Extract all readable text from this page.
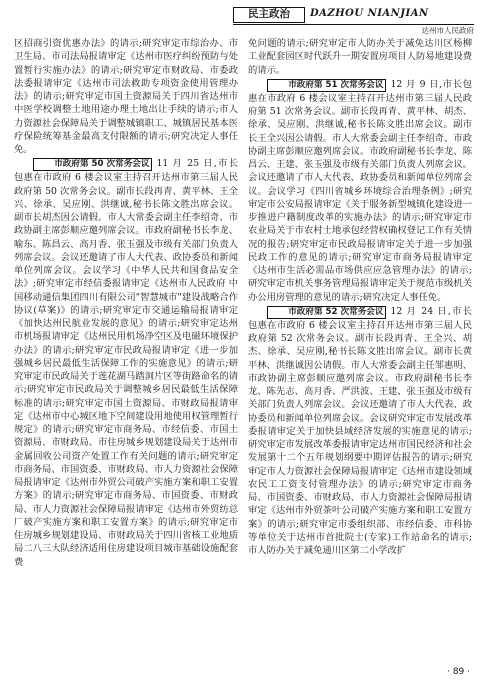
民主政治	DAZHOU NIANJIAN
达州市人民政府

区招商引资优惠办法》的请示;研究审定市综治办、市卫生局、市司法局报请审定《达州市医疗纠纷预防与处置暂行实施办法》的请示;研究审定市财政局、市委政法委报请审定《达州市司法救助专项资金使用管理办法》的请示;研究审定市国土资源局关于四川省达州市中医学校调整土地用途办理土地出让手续的请示;市人力资源社会保障局关于调整城镇职工、城镇居民基本医疗保险统筹基金最高支付限额的请示;研究决定人事任免。

市政府第 50 次常务会议 11 月 25 日,市长包惠在市政府 6 楼会议室主持召开达州市第三届人民政府第 50 次常务会议。副市长段再青、黄平林、王全兴、徐承、吴应刚、洪继诚,秘书长陈文胜出席会议。副市长胡杰因公请假。市人大常委会副主任李绍奇、市政协副主席彭顺应邀列席会议。市政府副秘书长李龙、喻东、陈昌云、高月香、张玉强及市级有关部门负责人列席会议。会议还邀请了市人大代表、政协委员和新闻单位列席会议。会议学习《中华人民共和国食品安全法》;研究审定市经信委报请审定《达州市人民政府 中国移动通信集团四川有限公司"智慧城市"建设战略合作协议(草案)》的请示;研究审定市交通运输局报请审定《加快达州民航业发展的意见》的请示;研究审定达州市机场报请审定《达州民用机场净空区及电磁环境保护办法》的请示;研究审定市民政局报请审定《进一步加强城乡居民最低生活保障工作的实施意见》的请示;研究审定市民政局关于莲花湖马踏洞片区等街路命名的请示;研究审定市民政局关于调整城乡居民最低生活保障标准的请示;研究审定市国土资源局、市财政局报请审定《达州市中心城区地下空间建设用地使用权管理暂行规定》的请示;研究审定市商务局、市经信委、市国土资源局、市财政局、市住房城乡规划建设局关于达州市金属回收公司资产处置工作有关问题的请示;研究审定市商务局、市国资委、市财政局、市人力资源社会保障局报请审定《达州市外贸公司破产实施方案和职工安置方案》的请示;研究审定市商务局、市国资委、市财政局、市人力资源社会保障局报请审定《达州市外贸纺总厂破产实施方案和职工安置方案》的请示;研究审定市住房城乡规划建设局、市财政局关于四川省核工业地质局二八三大队经济适用住房建设项目城市基础设施配套费

免问题的请示;研究审定市人防办关于减免达川区杨柳工业配套园区时代跃升一期安置房项目人防易地建设费的请示。

市政府第 51 次常务会议 12 月 9 日,市长包惠在市政府 6 楼会议室主持召开达州市第三届人民政府第 51 次常务会议。副市长段再青、黄平林、胡杰、徐承、吴应刚、洪继诚,秘书长陈文胜出席会议。副市长王全兴因公请假。市人大常委会副主任李绍奇、市政协副主席彭顺应邀列席会议。市政府副秘书长李龙、陈昌云、王建、张玉强及市级有关部门负责人列席会议。会议还邀请了市人大代表、政协委员和新闻单位列席会议。会议学习《四川省城乡环境综合治理条例》;研究审定市公安局报请审定《关于服务新型城镇化建设进一步推进户籍制度改革的实施办法》的请示;研究审定市农业局关于市农村土地承包经营权确权登记工作有关情况的报告;研究审定市民政局报请审定关于进一步加强民政工作的意见的请示;研究审定市商务局报请审定《达州市生活必需品市场供应应急管理办法》的请示;研究审定市机关事务管理局报请审定关于规范市级机关办公用房管理的意见的请示;研究决定人事任免。

市政府第 52 次常务会议 12 月 24 日,市长包惠在市政府 6 楼会议室主持召开达州市第三届人民政府第 52 次常务会议。副市长段再青、王全兴、胡杰、徐承、吴应刚,秘书长陈文胜出席会议。副市长黄平林、洪继诚因公请假。市人大常委会副主任邹惠明、市政协副主席彭顺应邀列席会议。市政府副秘书长李龙、陈先志、高月香、严洪波、王建、张玉强及市级有关部门负责人列席会议。会议还邀请了市人大代表、政协委员和新闻单位列席会议。会议研究审定市发展改革委报请审定关于加快县域经济发展的实施意见的请示;研究审定市发展改革委报请审定达州市国民经济和社会发展第十二个五年规划纲要中期评估报告的请示;研究审定市人力资源社会保障局报请审定《达州市建设领域农民工工资支付管理办法》的请示;研究审定市商务局、市国资委、市财政局、市人力资源社会保障局报请审定《达州市外贸茶叶公司破产实施方案和职工安置方案》的请示;研究审定市委组织部、市经信委、市科协等单位关于达州市首批院士(专家)工作站命名的请示;市人防办关于减免通川区第二小学改扩

· 89 ·
